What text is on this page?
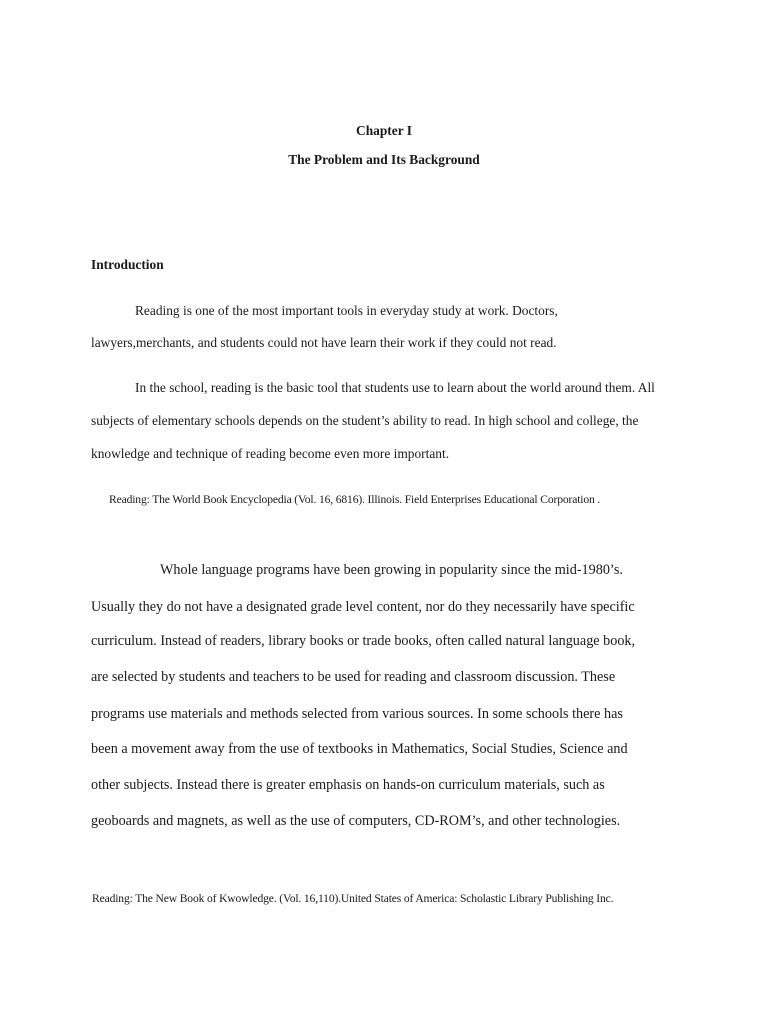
Chapter I
The Problem and Its Background
Introduction
Reading is one of the most important tools in everyday study at work. Doctors,
lawyers,merchants, and students could not have learn their work if they could not read.
In the school, reading is the basic tool that students use to learn about the world around them. All
subjects of elementary schools depends on the student’s ability to read. In high school and college, the
knowledge and technique of reading become even more important.
Reading: The World Book Encyclopedia (Vol. 16, 6816). Illinois. Field Enterprises Educational Corporation .
Whole language programs have been growing in popularity since the mid-1980’s.
Usually they do not have a designated grade level content, nor do they necessarily have specific
curriculum. Instead of readers, library books or trade books, often called natural language book,
are selected by students and teachers to be used for reading and classroom discussion. These
programs use materials and methods selected from various sources. In some schools there has
been a movement away from the use of textbooks in Mathematics, Social Studies, Science and
other subjects. Instead there is greater emphasis on hands-on curriculum materials, such as
geoboards and magnets, as well as the use of computers, CD-ROM’s, and other technologies.
Reading: The New Book of Kwowledge. (Vol. 16,110).United States of America: Scholastic Library Publishing Inc.
